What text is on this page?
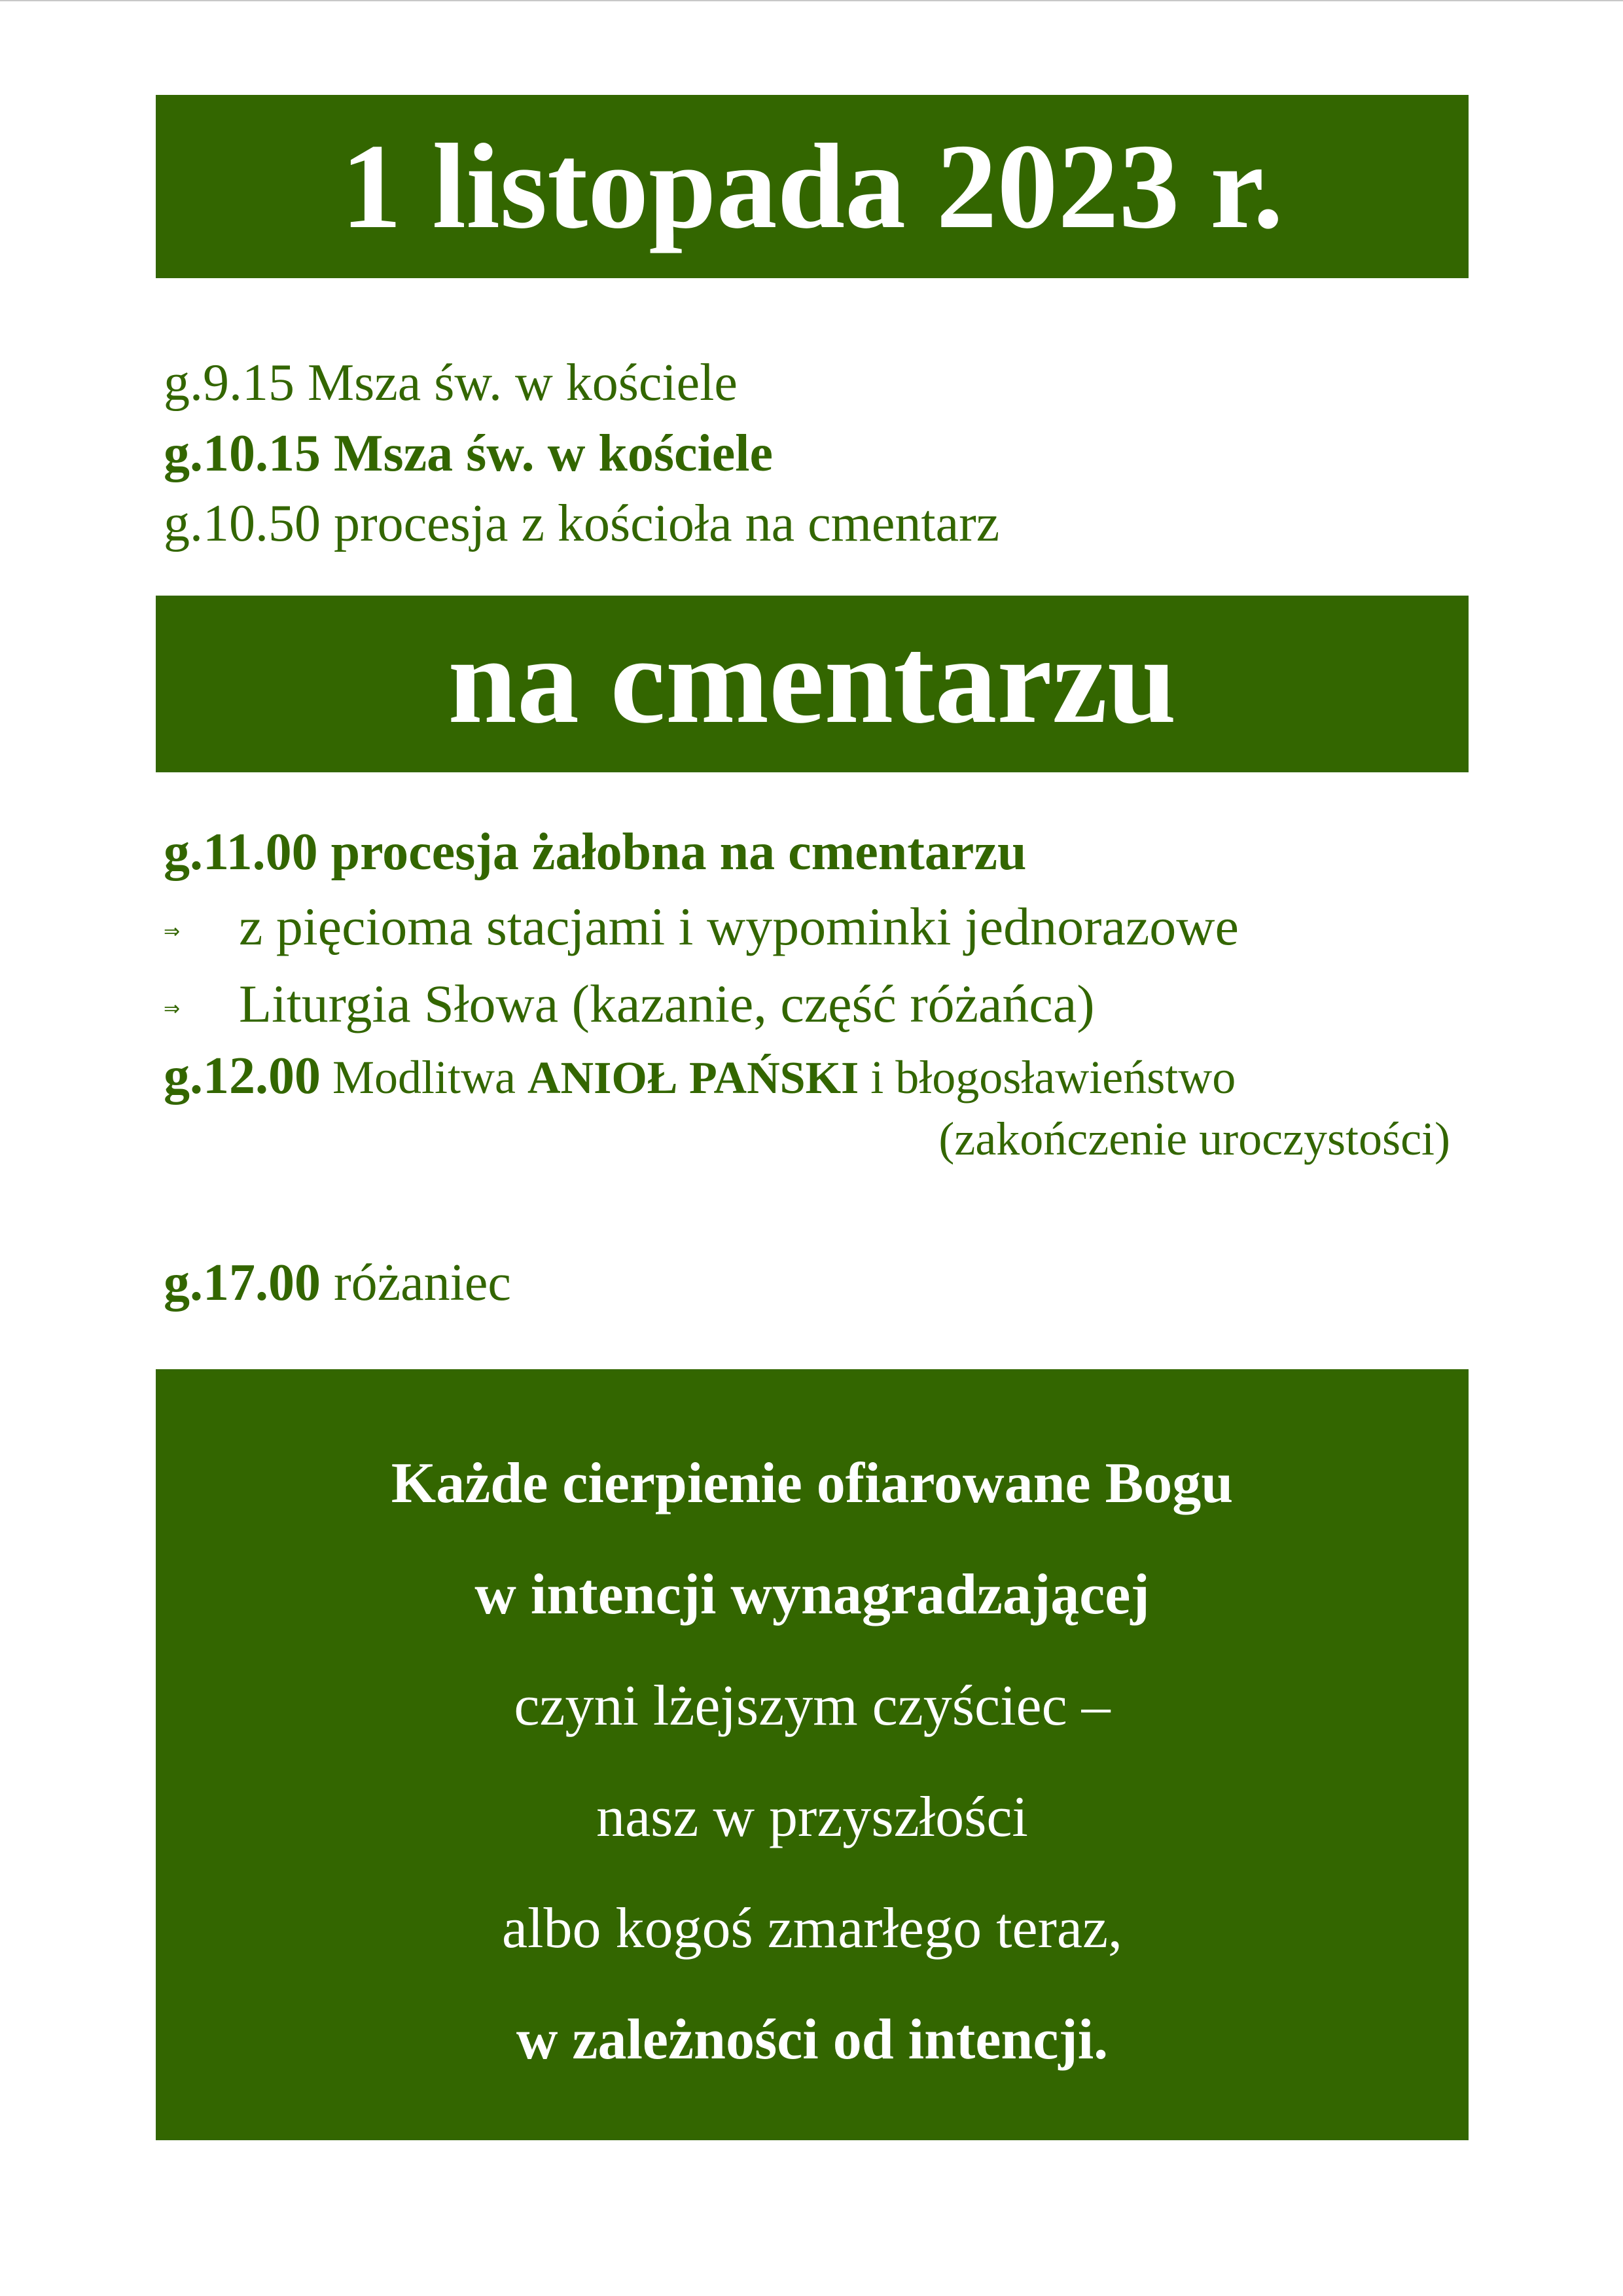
1 listopada 2023 r.
g.9.15 Msza św. w kościele
g.10.15 Msza św. w kościele
g.10.50 procesja z kościoła na cmentarz
na cmentarzu
g.11.00 procesja żałobna na cmentarzu
⇒ z pięcioma stacjami i wypominki jednorazowe
⇒ Liturgia Słowa (kazanie, część różańca)
g.12.00 Modlitwa ANIOŁ PAŃSKI i błogosławieństwo
(zakończenie uroczystości)
g.17.00 różaniec
Każde cierpienie ofiarowane Bogu
w intencji wynagradzającej
czyni lżejszym czyściec –
nasz w przyszłości
albo kogoś zmarłego teraz,
w zależności od intencji.
